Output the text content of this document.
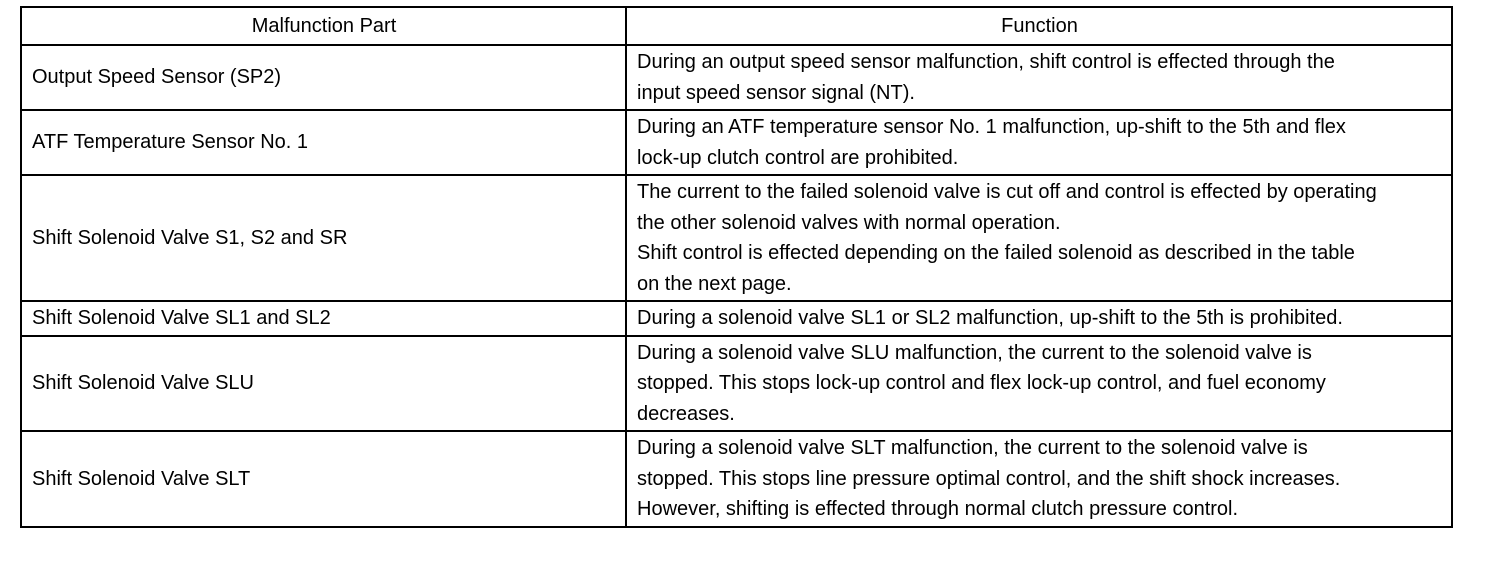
Malfunction Part	Function
Output Speed Sensor (SP2)	During an output speed sensor malfunction, shift control is effected through the
input speed sensor signal (NT).
ATF Temperature Sensor No. 1	During an ATF temperature sensor No. 1 malfunction, up-shift to the 5th and flex
lock-up clutch control are prohibited.
Shift Solenoid Valve S1, S2 and SR	The current to the failed solenoid valve is cut off and control is effected by operating
the other solenoid valves with normal operation.
Shift control is effected depending on the failed solenoid as described in the table
on the next page.
Shift Solenoid Valve SL1 and SL2	During a solenoid valve SL1 or SL2 malfunction, up-shift to the 5th is prohibited.
Shift Solenoid Valve SLU	During a solenoid valve SLU malfunction, the current to the solenoid valve is
stopped. This stops lock-up control and flex lock-up control, and fuel economy
decreases.
Shift Solenoid Valve SLT	During a solenoid valve SLT malfunction, the current to the solenoid valve is
stopped. This stops line pressure optimal control, and the shift shock increases.
However, shifting is effected through normal clutch pressure control.
